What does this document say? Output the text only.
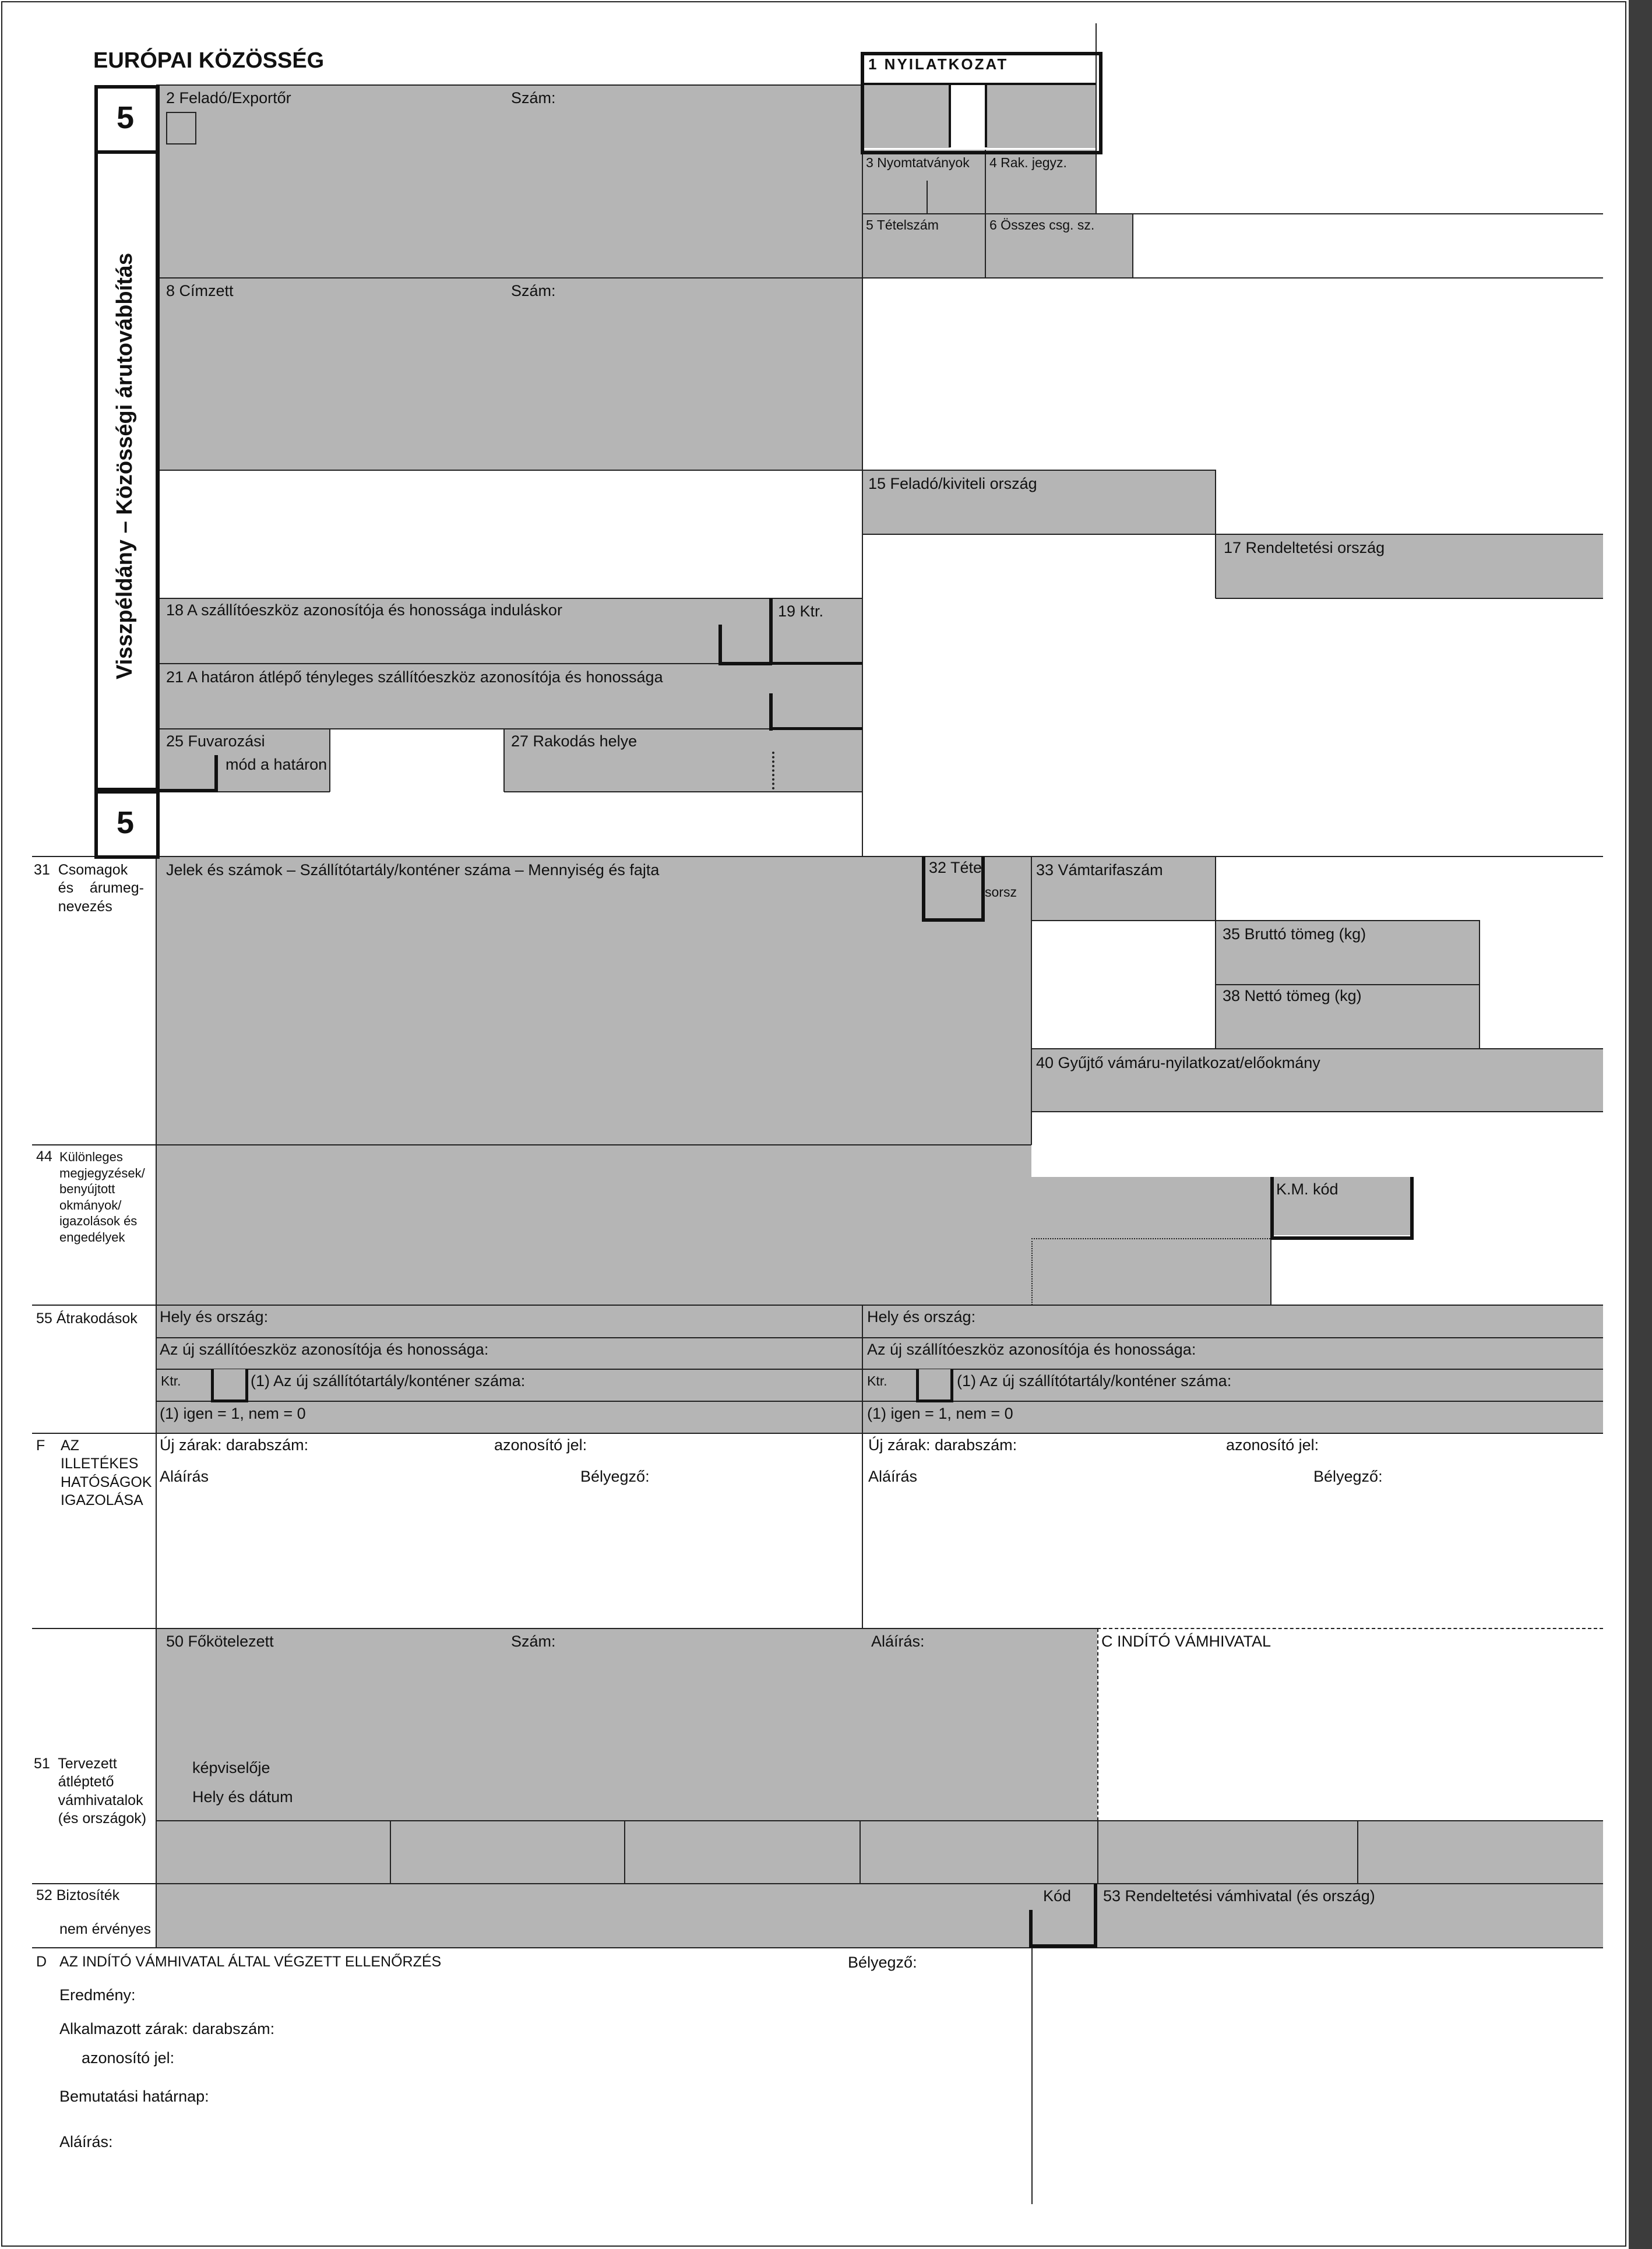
1 NYILATKOZAT
EURÓPAI KÖZÖSSÉG
5
Visszpéldány – Közösségi árutovábbítás
5
2 Feladó/Exportőr	Szám:
3 Nyomtatványok 4 Rak. jegyz.
5 Tételszám	6 Összes csg. sz.
8 Címzett	Szám:
15 Feladó/kiviteli ország
17 Rendeltetési ország
18 A szállítóeszköz azonosítója és honossága induláskor	19 Ktr.
21 A határon átlépő tényleges szállítóeszköz azonosítója és honossága
25 Fuvarozási
mód a határon
27 Rakodás helye
31  Csomagok
és    árumeg-
nevezés
Jelek és számok – Szállítótartály/konténer száma – Mennyiség és fajta	32 Tétel
sorsz
33 Vámtarifaszám
35 Bruttó tömeg (kg)
38 Nettó tömeg (kg)
40 Gyűjtő vámáru-nyilatkozat/előokmány
44 Különleges
megjegyzések/
benyújtott
okmányok/
igazolások és
engedélyek
K.M. kód
55 Átrakodások Hely és ország:	Hely és ország:
Az új szállítóeszköz azonosítója és honossága:	Az új szállítóeszköz azonosítója és honossága:
Ktr.	(1) Az új szállítótartály/konténer száma:	Ktr.	(1) Az új szállítótartály/konténer száma:
(1) igen = 1, nem = 0	(1) igen = 1, nem = 0
F AZ
ILLETÉKES
HATÓSÁGOK
IGAZOLÁSA
Új zárak: darabszám:	azonosító jel:
Aláírás	Bélyegző:
Új zárak: darabszám:	azonosító jel:
Aláírás	Bélyegző:
50 Főkötelezett	Szám:	Aláírás:	C INDÍTÓ VÁMHIVATAL
képviselője
Hely és dátum
51  Tervezett
átléptető
vámhivatalok
(és országok)
52 Biztosíték
nem érvényes
Kód 53 Rendeltetési vámhivatal (és ország)
D AZ INDÍTÓ VÁMHIVATAL ÁLTAL VÉGZETT ELLENŐRZÉS	Bélyegző:
Eredmény:
Alkalmazott zárak: darabszám:
azonosító jel:
Bemutatási határnap:
Aláírás:
